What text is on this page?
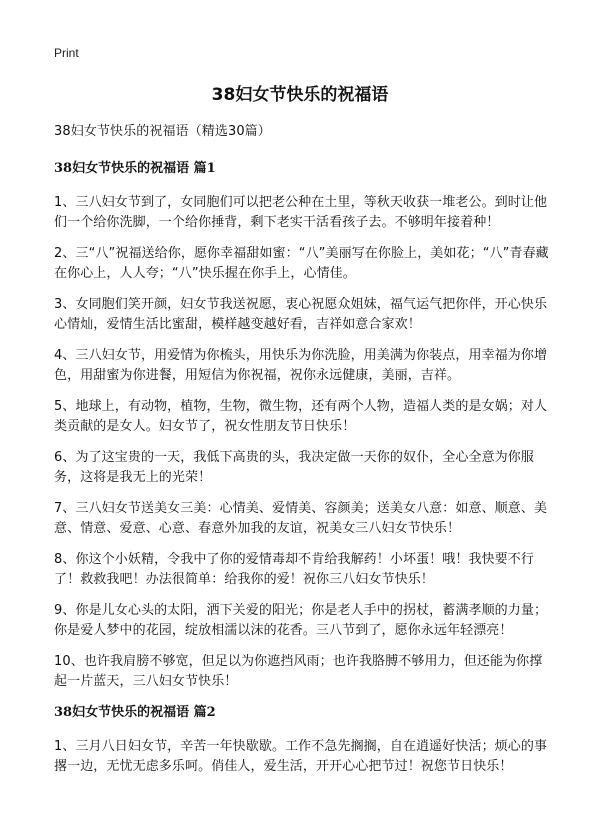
Print
38妇女节快乐的祝福语

38妇女节快乐的祝福语（精选30篇）

38妇女节快乐的祝福语 篇1

1、三八妇女节到了，女同胞们可以把老公种在土里，等秋天收获一堆老公。到时让他们一个给你洗脚，一个给你捶背，剩下老实干活看孩子去。不够明年接着种！

2、三“八”祝福送给你，愿你幸福甜如蜜：“八”美丽写在你脸上，美如花；“八”青春藏在你心上，人人夸；“八”快乐握在你手上，心情佳。

3、女同胞们笑开颜，妇女节我送祝愿，衷心祝愿众姐妹，福气运气把你伴，开心快乐心情灿，爱情生活比蜜甜，模样越变越好看，吉祥如意合家欢！

4、三八妇女节，用爱情为你梳头，用快乐为你洗脸，用美满为你装点，用幸福为你增色，用甜蜜为你进餐，用短信为你祝福，祝你永远健康，美丽，吉祥。

5、地球上，有动物，植物，生物，微生物，还有两个人物，造福人类的是女娲；对人类贡献的是女人。妇女节了，祝女性朋友节日快乐！

6、为了这宝贵的一天，我低下高贵的头，我决定做一天你的奴仆，全心全意为你服务，这将是我无上的光荣！

7、三八妇女节送美女三美：心情美、爱情美、容颜美；送美女八意：如意、顺意、美意、情意、爱意、心意、春意外加我的友谊，祝美女三八妇女节快乐！

8、你这个小妖精，令我中了你的爱情毒却不肯给我解药！小坏蛋！哦！我快要不行了！救救我吧！办法很简单：给我你的爱！祝你三八妇女节快乐！

9、你是儿女心头的太阳，洒下关爱的阳光；你是老人手中的拐杖，蓄满孝顺的力量；你是爱人梦中的花园，绽放相濡以沫的花香。三八节到了，愿你永远年轻漂亮！

10、也许我肩膀不够宽，但足以为你遮挡风雨；也许我胳膊不够用力，但还能为你撑起一片蓝天，三八妇女节快乐！

38妇女节快乐的祝福语 篇2

1、三月八日妇女节，辛苦一年快歇歇。工作不急先搁搁，自在逍遥好快活；烦心的事撂一边，无忧无虑多乐呵。俏佳人，爱生活，开开心心把节过！祝您节日快乐！
